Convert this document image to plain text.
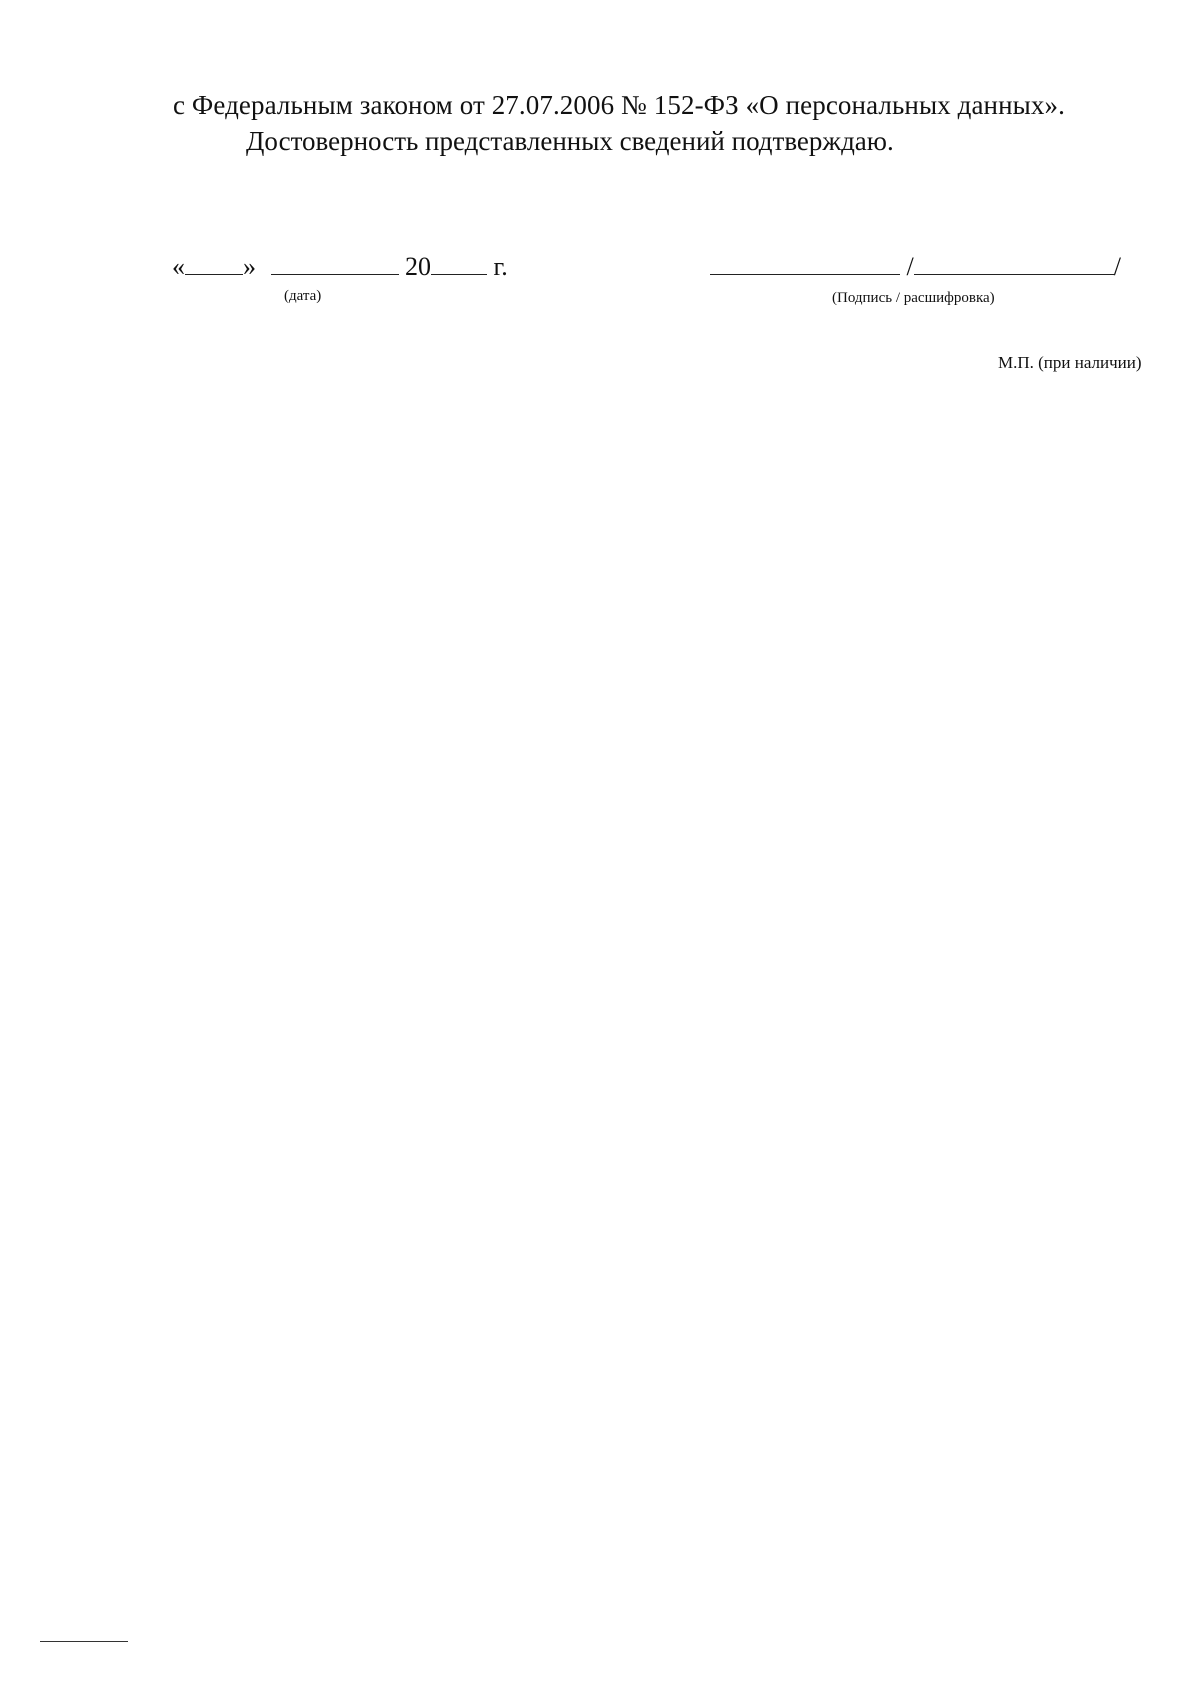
с Федеральным законом от 27.07.2006 № 152-ФЗ «О персональных данных».
Достоверность представленных сведений подтверждаю.
« »	20 г.
(дата)
/	/
(Подпись / расшифровка)
М.П. (при наличии)
